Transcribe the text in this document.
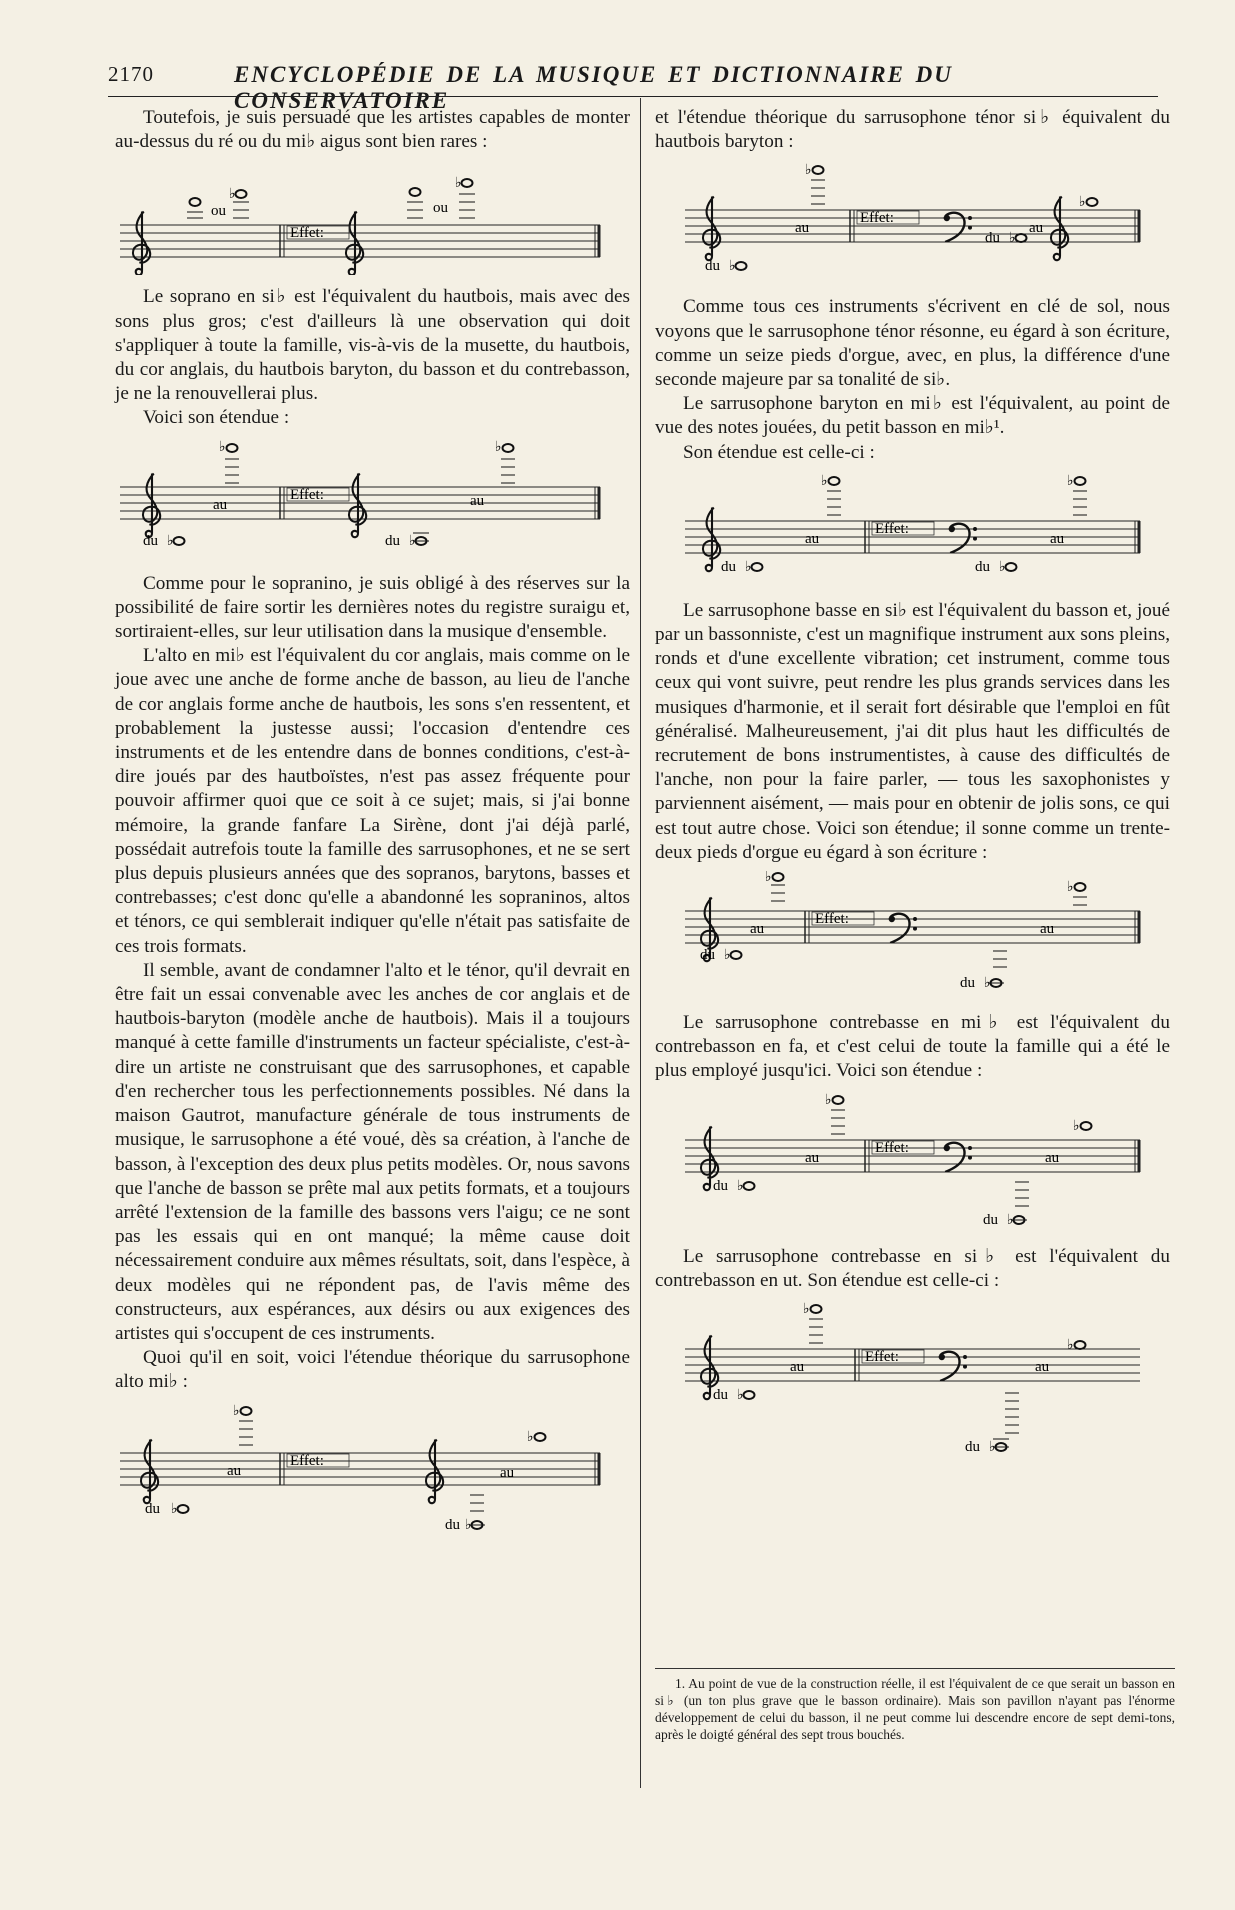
2170	ENCYCLOPÉDIE DE LA MUSIQUE ET DICTIONNAIRE DU CONSERVATOIRE

Toutefois, je suis persuadé que les artistes capables de monter au-dessus du ré ou du mi♭ aigus sont bien rares :

ou
♭
Effet:
ou
♭

Le soprano en si♭ est l'équivalent du hautbois, mais avec des sons plus gros; c'est d'ailleurs là une observation qui doit s'appliquer à toute la famille, vis-à-vis de la musette, du hautbois, du cor anglais, du hautbois baryton, du basson et du contrebasson, je ne la renouvellerai plus.

Voici son étendue :

♭
au
du ♭
Effet:
♭
au
du ♭

Comme pour le sopranino, je suis obligé à des réserves sur la possibilité de faire sortir les dernières notes du registre suraigu et, sortiraient-elles, sur leur utilisation dans la musique d'ensemble.

L'alto en mi♭ est l'équivalent du cor anglais, mais comme on le joue avec une anche de forme anche de basson, au lieu de l'anche de cor anglais forme anche de hautbois, les sons s'en ressentent, et probablement la justesse aussi; l'occasion d'entendre ces instruments et de les entendre dans de bonnes conditions, c'est-à-dire joués par des hautboïstes, n'est pas assez fréquente pour pouvoir affirmer quoi que ce soit à ce sujet; mais, si j'ai bonne mémoire, la grande fanfare La Sirène, dont j'ai déjà parlé, possédait autrefois toute la famille des sarrusophones, et ne se sert plus depuis plusieurs années que des sopranos, barytons, basses et contrebasses; c'est donc qu'elle a abandonné les sopraninos, altos et ténors, ce qui semblerait indiquer qu'elle n'était pas satisfaite de ces trois formats.

Il semble, avant de condamner l'alto et le ténor, qu'il devrait en être fait un essai convenable avec les anches de cor anglais et de hautbois-baryton (modèle anche de hautbois). Mais il a toujours manqué à cette famille d'instruments un facteur spécialiste, c'est-à-dire un artiste ne construisant que des sarrusophones, et capable d'en rechercher tous les perfectionnements possibles. Né dans la maison Gautrot, manufacture générale de tous instruments de musique, le sarrusophone a été voué, dès sa création, à l'anche de basson, à l'exception des deux plus petits modèles. Or, nous savons que l'anche de basson se prête mal aux petits formats, et a toujours arrêté l'extension de la famille des bassons vers l'aigu; ce ne sont pas les essais qui en ont manqué; la même cause doit nécessairement conduire aux mêmes résultats, soit, dans l'espèce, à deux modèles qui ne répondent pas, de l'avis même des constructeurs, aux espérances, aux désirs ou aux exigences des artistes qui s'occupent de ces instruments.

Quoi qu'il en soit, voici l'étendue théorique du sarrusophone alto mi♭ :

♭
au
du ♭
Effet:
♭
au
du ♭

et l'étendue théorique du sarrusophone ténor si♭ équivalent du hautbois baryton :

♭
au
du ♭
Effet:
du ♭
au
♭

Comme tous ces instruments s'écrivent en clé de sol, nous voyons que le sarrusophone ténor résonne, eu égard à son écriture, comme un seize pieds d'orgue, avec, en plus, la différence d'une seconde majeure par sa tonalité de si♭.

Le sarrusophone baryton en mi♭ est l'équivalent, au point de vue des notes jouées, du petit basson en mi♭¹.

Son étendue est celle-ci :

♭
au
du ♭
Effet:
♭
au
du ♭

Le sarrusophone basse en si♭ est l'équivalent du basson et, joué par un bassonniste, c'est un magnifique instrument aux sons pleins, ronds et d'une excellente vibration; cet instrument, comme tous ceux qui vont suivre, peut rendre les plus grands services dans les musiques d'harmonie, et il serait fort désirable que l'emploi en fût généralisé. Malheureusement, j'ai dit plus haut les difficultés de recrutement de bons instrumentistes, à cause des difficultés de l'anche, non pour la faire parler, — tous les saxophonistes y parviennent aisément, — mais pour en obtenir de jolis sons, ce qui est tout autre chose. Voici son étendue; il sonne comme un trente-deux pieds d'orgue eu égard à son écriture :

♭
au
du ♭
Effet:
♭
au
du ♭

Le sarrusophone contrebasse en mi♭ est l'équivalent du contrebasson en fa, et c'est celui de toute la famille qui a été le plus employé jusqu'ici. Voici son étendue :

♭
au
du ♭
Effet:
♭
au
du ♭

Le sarrusophone contrebasse en si♭ est l'équivalent du contrebasson en ut. Son étendue est celle-ci :

♭
au
du ♭
Effet:
♭
au
du ♭

1. Au point de vue de la construction réelle, il est l'équivalent de ce que serait un basson en si♭ (un ton plus grave que le basson ordinaire). Mais son pavillon n'ayant pas l'énorme développement de celui du basson, il ne peut comme lui descendre encore de sept demi-tons, après le doigté général des sept trous bouchés.
